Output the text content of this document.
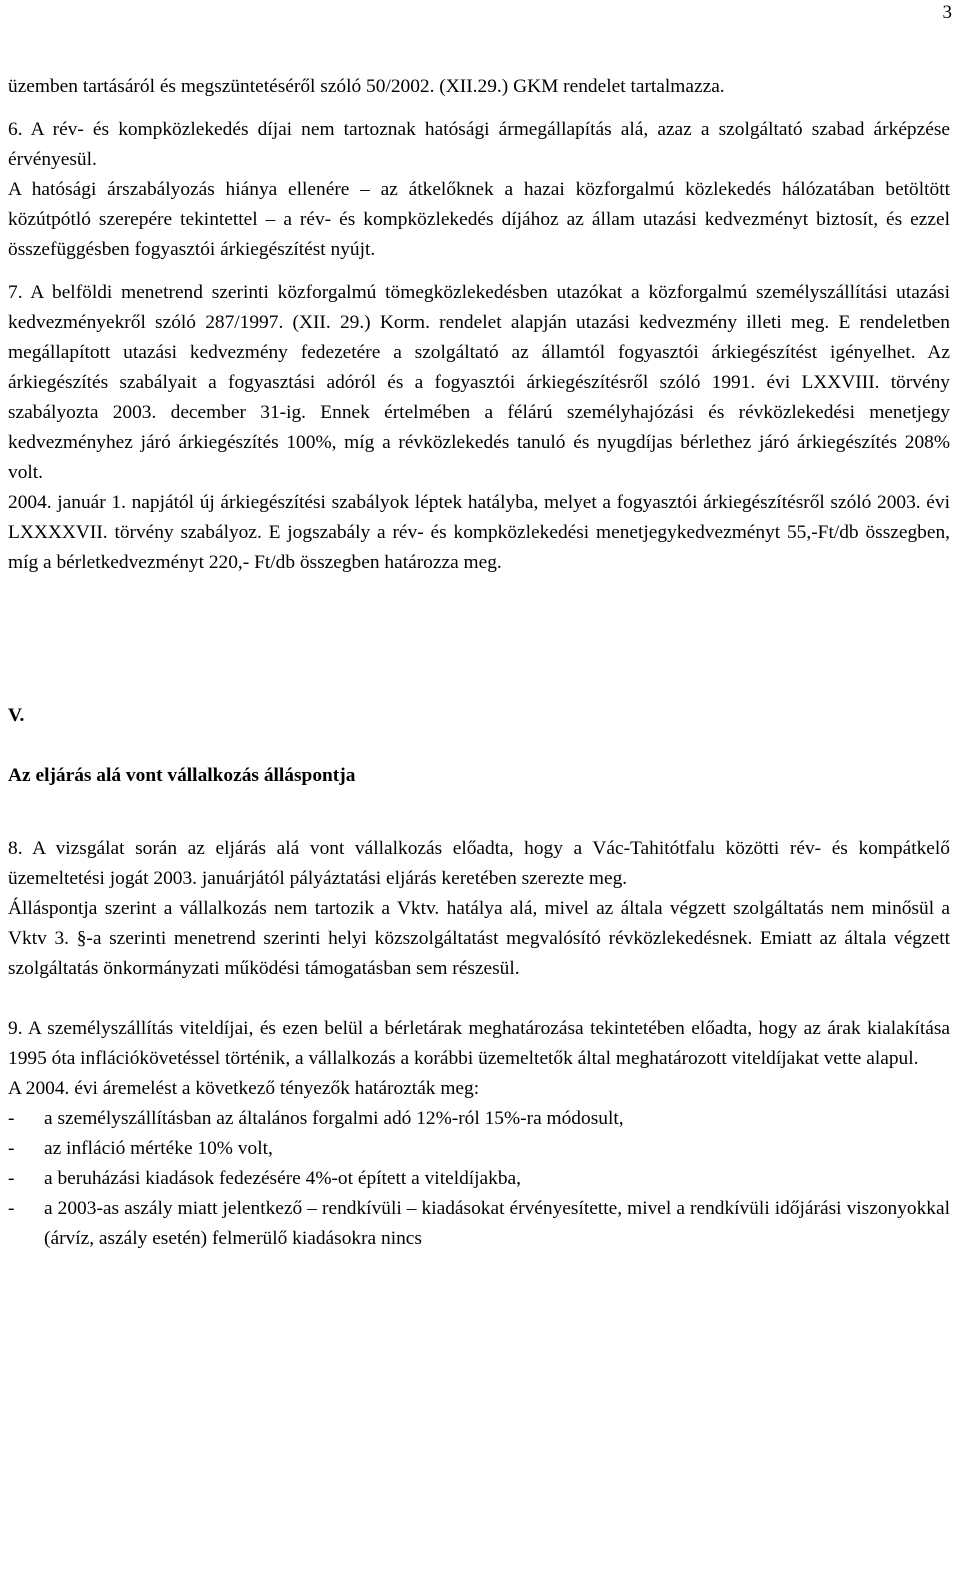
3

üzemben tartásáról és megszüntetéséről szóló 50/2002. (XII.29.) GKM rendelet tartalmazza.

6. A rév- és kompközlekedés díjai nem tartoznak hatósági ármegállapítás alá, azaz a szolgáltató szabad árképzése érvényesül.

A hatósági árszabályozás hiánya ellenére – az átkelőknek a hazai közforgalmú közlekedés hálózatában betöltött közútpótló szerepére tekintettel – a rév- és kompközlekedés díjához az állam utazási kedvezményt biztosít, és ezzel összefüggésben fogyasztói árkiegészítést nyújt.

7. A belföldi menetrend szerinti közforgalmú tömegközlekedésben utazókat a közforgalmú személyszállítási utazási kedvezményekről szóló 287/1997. (XII. 29.) Korm. rendelet alapján utazási kedvezmény illeti meg. E rendeletben megállapított utazási kedvezmény fedezetére a szolgáltató az államtól fogyasztói árkiegészítést igényelhet. Az árkiegészítés szabályait a fogyasztási adóról és a fogyasztói árkiegészítésről szóló 1991. évi LXXVIII. törvény szabályozta 2003. december 31-ig. Ennek értelmében a félárú személyhajózási és révközlekedési menetjegy kedvezményhez járó árkiegészítés 100%, míg a révközlekedés tanuló és nyugdíjas bérlethez járó árkiegészítés 208% volt.

2004. január 1. napjától új árkiegészítési szabályok léptek hatályba, melyet a fogyasztói árkiegészítésről szóló 2003. évi LXXXXVII. törvény szabályoz. E jogszabály a rév- és kompközlekedési menetjegykedvezményt 55,-Ft/db összegben, míg a bérletkedvezményt 220,- Ft/db összegben határozza meg.

V.

Az eljárás alá vont vállalkozás álláspontja

8. A vizsgálat során az eljárás alá vont vállalkozás előadta, hogy a Vác-Tahitótfalu közötti rév- és kompátkelő üzemeltetési jogát 2003. januárjától pályáztatási eljárás keretében szerezte meg.

Álláspontja szerint a vállalkozás nem tartozik a Vktv. hatálya alá, mivel az általa végzett szolgáltatás nem minősül a Vktv 3. §-a szerinti menetrend szerinti helyi közszolgáltatást megvalósító révközlekedésnek. Emiatt az általa végzett szolgáltatás önkormányzati működési támogatásban sem részesül.

9. A személyszállítás viteldíjai, és ezen belül a bérletárak meghatározása tekintetében előadta, hogy az árak kialakítása 1995 óta inflációkövetéssel történik, a vállalkozás a korábbi üzemeltetők által meghatározott viteldíjakat vette alapul.

A 2004. évi áremelést a következő tényezők határozták meg:

- a személyszállításban az általános forgalmi adó 12%-ról 15%-ra módosult,
- az infláció mértéke 10% volt,
- a beruházási kiadások fedezésére 4%-ot épített a viteldíjakba,
- a 2003-as aszály miatt jelentkező – rendkívüli – kiadásokat érvényesítette, mivel a rendkívüli időjárási viszonyokkal (árvíz, aszály esetén) felmerülő kiadásokra nincs
